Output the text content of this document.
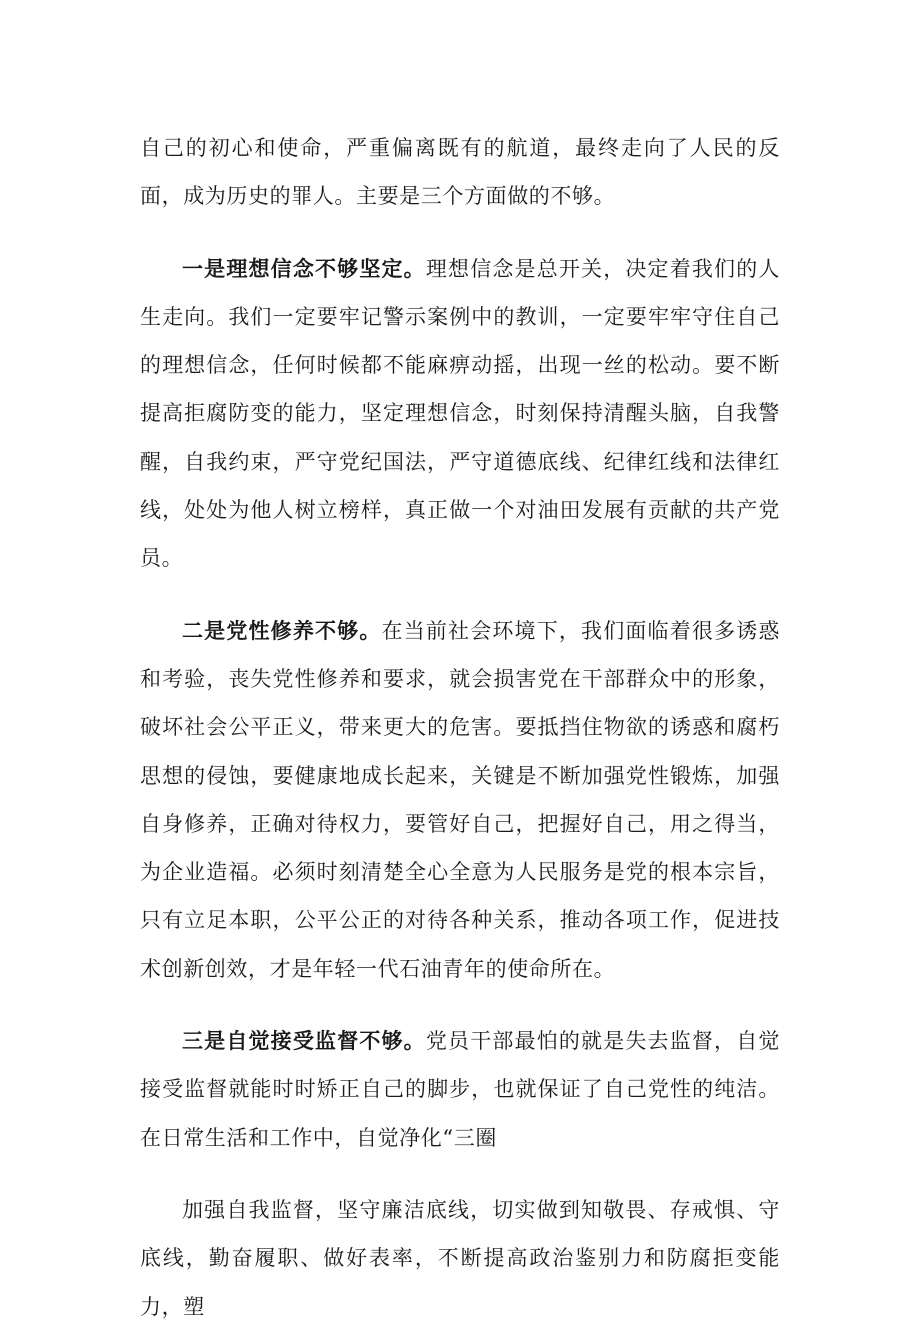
自己的初心和使命，严重偏离既有的航道，最终走向了人民的反面，成为历史的罪人。主要是三个方面做的不够。

一是理想信念不够坚定。理想信念是总开关，决定着我们的人生走向。我们一定要牢记警示案例中的教训，一定要牢牢守住自己的理想信念，任何时候都不能麻痹动摇，出现一丝的松动。要不断提高拒腐防变的能力，坚定理想信念，时刻保持清醒头脑，自我警醒，自我约束，严守党纪国法，严守道德底线、纪律红线和法律红线，处处为他人树立榜样，真正做一个对油田发展有贡献的共产党员。

二是党性修养不够。在当前社会环境下，我们面临着很多诱惑和考验，丧失党性修养和要求，就会损害党在干部群众中的形象，破坏社会公平正义，带来更大的危害。要抵挡住物欲的诱惑和腐朽思想的侵蚀，要健康地成长起来，关键是不断加强党性锻炼，加强自身修养，正确对待权力，要管好自己，把握好自己，用之得当，为企业造福。必须时刻清楚全心全意为人民服务是党的根本宗旨，只有立足本职，公平公正的对待各种关系，推动各项工作，促进技术创新创效，才是年轻一代石油青年的使命所在。

三是自觉接受监督不够。党员干部最怕的就是失去监督，自觉接受监督就能时时矫正自己的脚步，也就保证了自己党性的纯洁。在日常生活和工作中，自觉净化“三圈

加强自我监督，坚守廉洁底线，切实做到知敬畏、存戒惧、守底线，勤奋履职、做好表率，不断提高政治鉴别力和防腐拒变能力，塑
